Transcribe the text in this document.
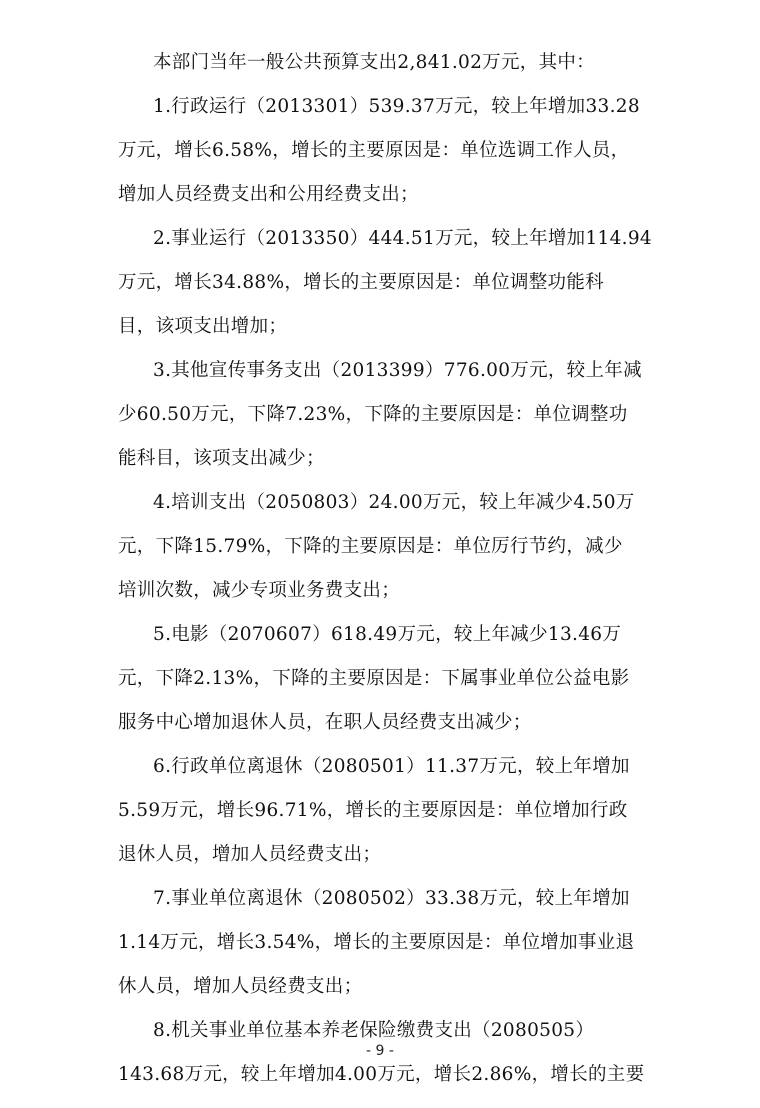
本部门当年一般公共预算支出2,841.02万元，其中：
1.行政运行（2013301）539.37万元，较上年增加33.28
万元，增长6.58%，增长的主要原因是：单位选调工作人员，
增加人员经费支出和公用经费支出；
2.事业运行（2013350）444.51万元，较上年增加114.94
万元，增长34.88%，增长的主要原因是：单位调整功能科
目，该项支出增加；
3.其他宣传事务支出（2013399）776.00万元，较上年减
少60.50万元，下降7.23%，下降的主要原因是：单位调整功
能科目，该项支出减少；
4.培训支出（2050803）24.00万元，较上年减少4.50万
元，下降15.79%，下降的主要原因是：单位厉行节约，减少
培训次数，减少专项业务费支出；
5.电影（2070607）618.49万元，较上年减少13.46万
元，下降2.13%，下降的主要原因是：下属事业单位公益电影
服务中心增加退休人员，在职人员经费支出减少；
6.行政单位离退休（2080501）11.37万元，较上年增加
5.59万元，增长96.71%，增长的主要原因是：单位增加行政
退休人员，增加人员经费支出；
7.事业单位离退休（2080502）33.38万元，较上年增加
1.14万元，增长3.54%，增长的主要原因是：单位增加事业退
休人员，增加人员经费支出；
8.机关事业单位基本养老保险缴费支出（2080505）
143.68万元，较上年增加4.00万元，增长2.86%，增长的主要
- 9 -
